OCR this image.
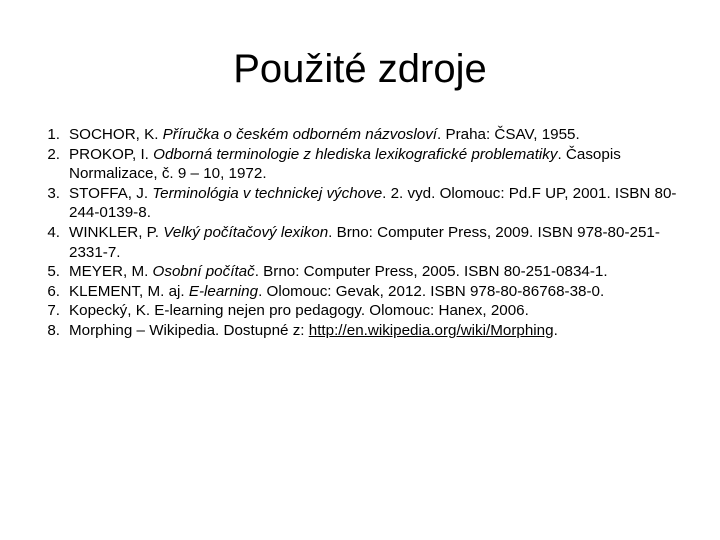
Použité zdroje
1. SOCHOR, K. Příručka o českém odborném názvosloví. Praha: ČSAV, 1955.
2. PROKOP, I. Odborná terminologie z hlediska lexikografické problematiky. Časopis Normalizace, č. 9 – 10, 1972.
3. STOFFA, J. Terminológia v technickej výchove. 2. vyd. Olomouc: Pd.F UP, 2001. ISBN 80-244-0139-8.
4. WINKLER, P. Velký počítačový lexikon. Brno: Computer Press, 2009. ISBN 978-80-251-2331-7.
5. MEYER, M. Osobní počítač. Brno: Computer Press, 2005. ISBN 80-251-0834-1.
6. KLEMENT, M. aj. E-learning. Olomouc: Gevak, 2012. ISBN 978-80-86768-38-0.
7. Kopecký, K. E-learning nejen pro pedagogy. Olomouc: Hanex, 2006.
8. Morphing – Wikipedia. Dostupné z: http://en.wikipedia.org/wiki/Morphing.
